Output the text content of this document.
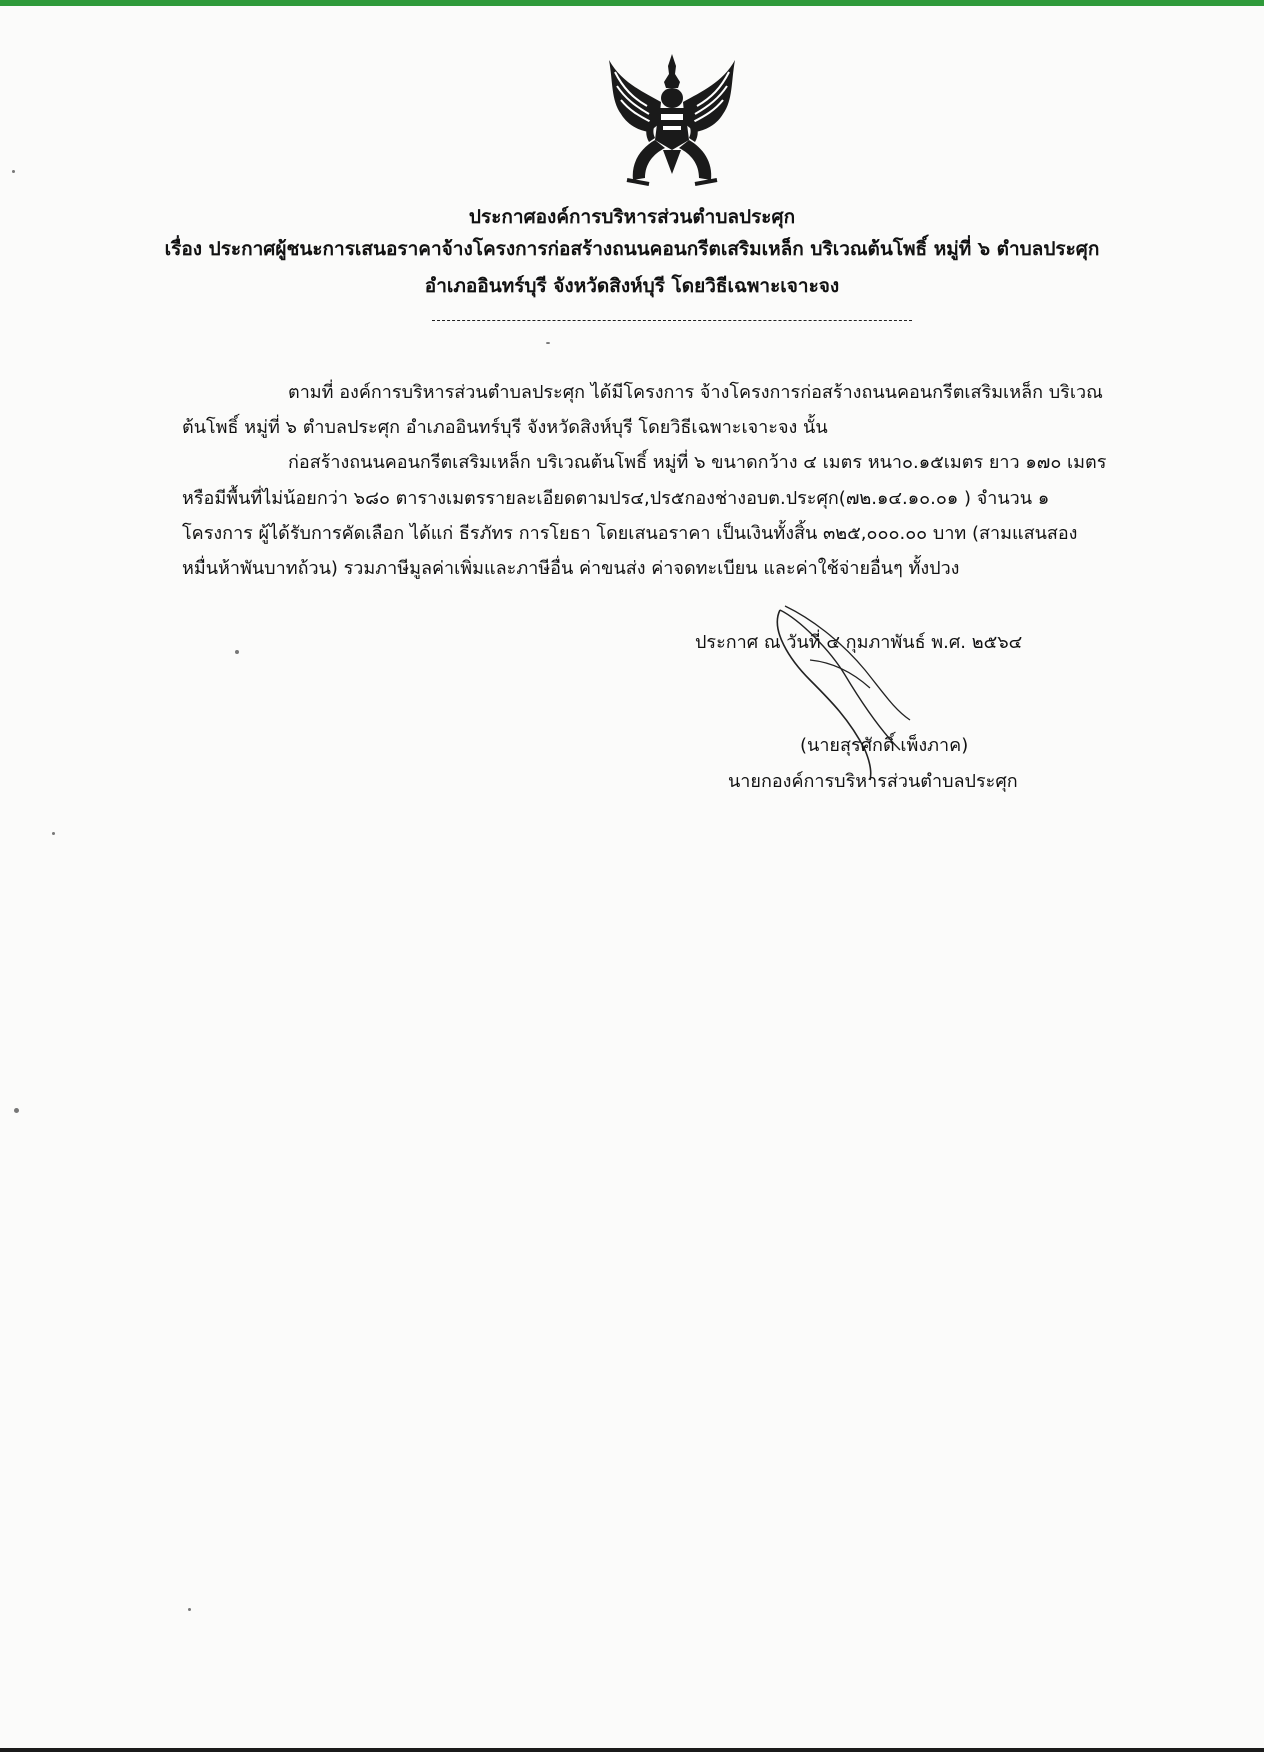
ประกาศองค์การบริหารส่วนตำบลประศุก
เรื่อง ประกาศผู้ชนะการเสนอราคาจ้างโครงการก่อสร้างถนนคอนกรีตเสริมเหล็ก บริเวณต้นโพธิ์ หมู่ที่ ๖ ตำบลประศุก
อำเภออินทร์บุรี จังหวัดสิงห์บุรี โดยวิธีเฉพาะเจาะจง
ตามที่ องค์การบริหารส่วนตำบลประศุก ได้มีโครงการ จ้างโครงการก่อสร้างถนนคอนกรีตเสริมเหล็ก บริเวณ
ต้นโพธิ์ หมู่ที่ ๖ ตำบลประศุก อำเภออินทร์บุรี จังหวัดสิงห์บุรี โดยวิธีเฉพาะเจาะจง นั้น
ก่อสร้างถนนคอนกรีตเสริมเหล็ก บริเวณต้นโพธิ์ หมู่ที่ ๖ ขนาดกว้าง ๔ เมตร หนา๐.๑๕เมตร ยาว ๑๗๐ เมตร
หรือมีพื้นที่ไม่น้อยกว่า ๖๘๐ ตารางเมตรรายละเอียดตามปร๔,ปร๕กองช่างอบต.ประศุก(๗๒.๑๔.๑๐.๐๑ ) จำนวน ๑
โครงการ ผู้ได้รับการคัดเลือก ได้แก่ ธีรภัทร การโยธา โดยเสนอราคา เป็นเงินทั้งสิ้น ๓๒๕,๐๐๐.๐๐ บาท (สามแสนสอง
หมื่นห้าพันบาทถ้วน) รวมภาษีมูลค่าเพิ่มและภาษีอื่น ค่าขนส่ง ค่าจดทะเบียน และค่าใช้จ่ายอื่นๆ ทั้งปวง
ประกาศ ณ วันที่ ๔ กุมภาพันธ์ พ.ศ. ๒๕๖๔
(นายสุรศักดิ์ เพ็งภาค)
นายกองค์การบริหารส่วนตำบลประศุก
